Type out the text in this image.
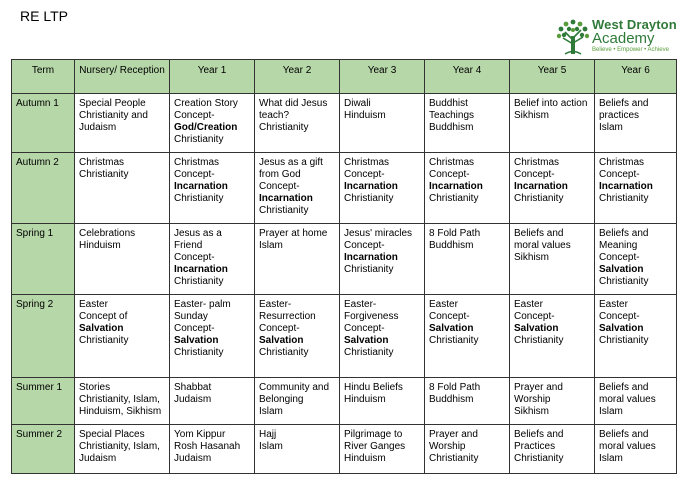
RE LTP
West Drayton
Academy
Believe • Empower • Achieve
Term	Nursery/ Reception	Year 1	Year 2	Year 3	Year 4	Year 5	Year 6
Autumn 1	Special People
Christianity and
Judaism	Creation Story
Concept-
God/Creation
Christianity	What did Jesus
teach?
Christianity	Diwali
Hinduism	Buddhist
Teachings
Buddhism	Belief into action
Sikhism	Beliefs and
practices
Islam

Autumn 2	Christmas
Christianity	Christmas
Concept-
Incarnation
Christianity	Jesus as a gift
from God
Concept-
Incarnation
Christianity	Christmas
Concept-
Incarnation
Christianity	Christmas
Concept-
Incarnation
Christianity	Christmas
Concept-
Incarnation
Christianity	Christmas
Concept-
Incarnation
Christianity

Spring 1	Celebrations
Hinduism	Jesus as a
Friend
Concept-
Incarnation
Christianity	Prayer at home
Islam	Jesus' miracles
Concept-
Incarnation
Christianity	8 Fold Path
Buddhism	Beliefs and
moral values
Sikhism	Beliefs and
Meaning
Concept-
Salvation
Christianity

Spring 2	Easter
Concept of
Salvation
Christianity	Easter- palm
Sunday
Concept-
Salvation
Christianity	Easter-
Resurrection
Concept-
Salvation
Christianity	Easter-
Forgiveness
Concept-
Salvation
Christianity	Easter
Concept-
Salvation
Christianity	Easter
Concept-
Salvation
Christianity	Easter
Concept-
Salvation
Christianity

Summer 1	Stories
Christianity, Islam,
Hinduism, Sikhism	Shabbat
Judaism	Community and
Belonging
Islam	Hindu Beliefs
Hinduism	8 Fold Path
Buddhism	Prayer and
Worship
Sikhism	Beliefs and
moral values
Islam

Summer 2	Special Places
Christianity, Islam,
Judaism	Yom Kippur
Rosh Hasanah
Judaism	Hajj
Islam	Pilgrimage to
River Ganges
Hinduism	Prayer and
Worship
Christianity	Beliefs and
Practices
Christianity	Beliefs and
moral values
Islam
